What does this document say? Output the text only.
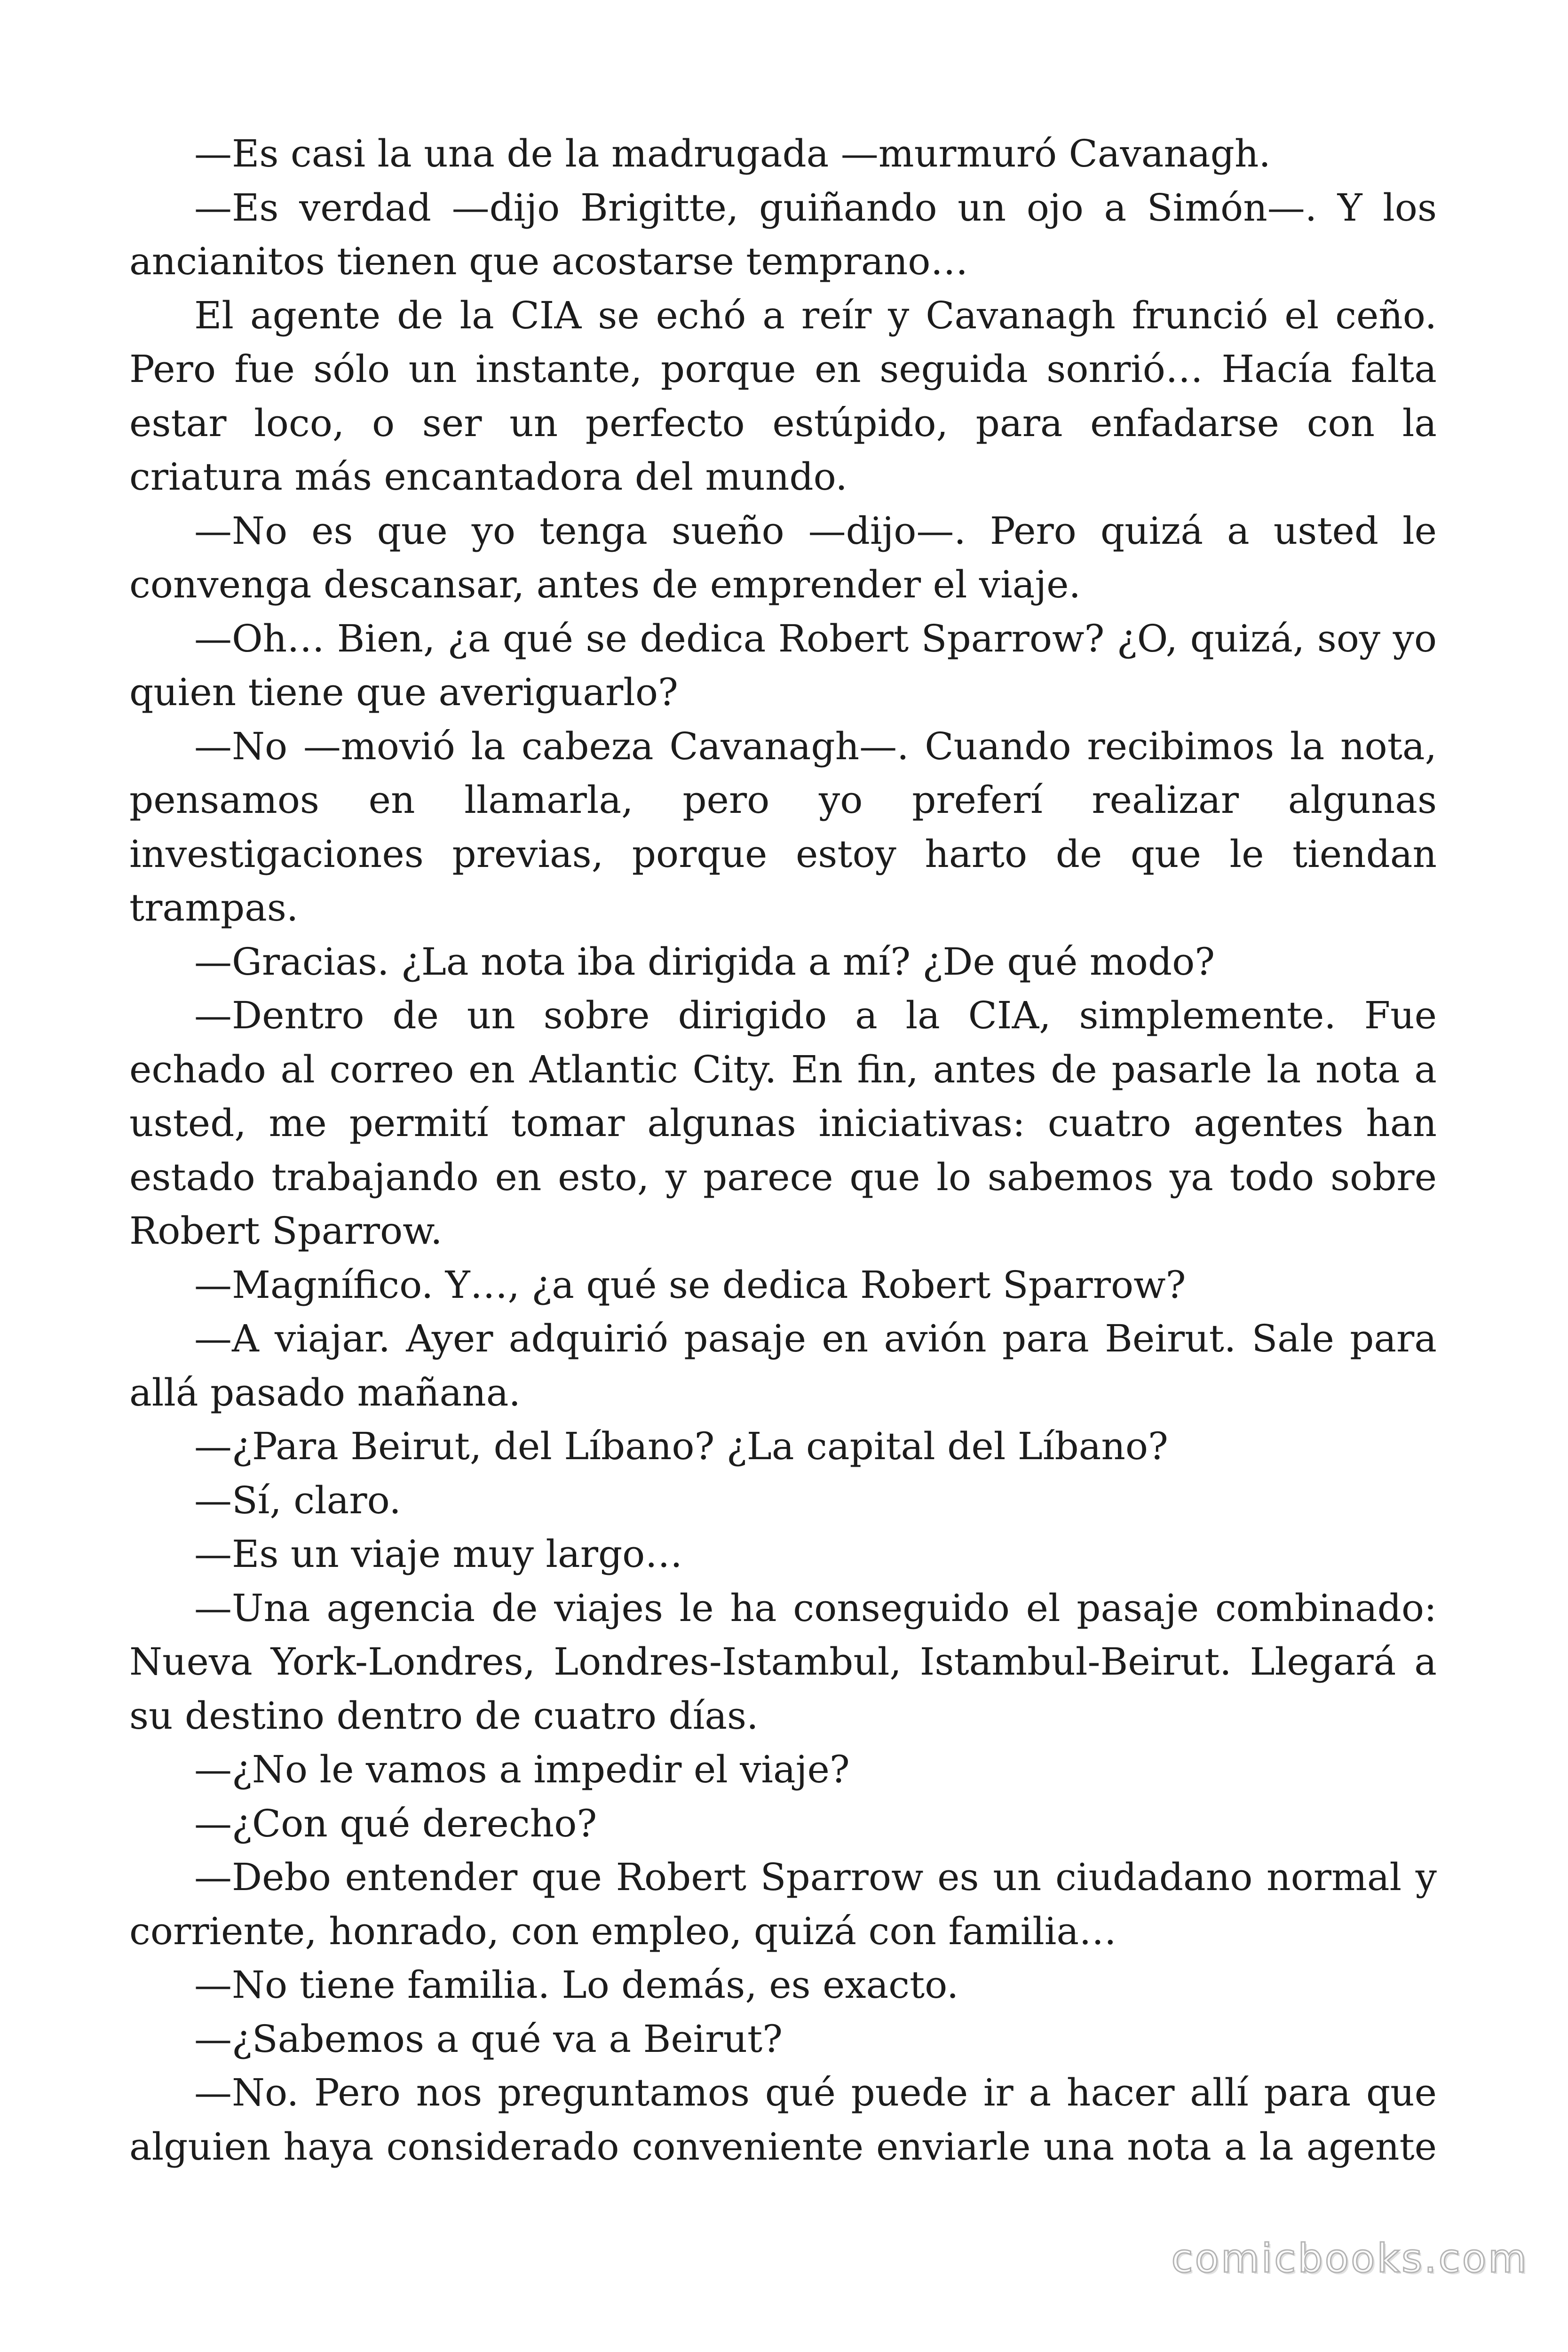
—Es casi la una de la madrugada —murmuró Cavanagh.

—Es verdad —dijo Brigitte, guiñando un ojo a Simón—. Y los ancianitos tienen que acostarse temprano…

El agente de la CIA se echó a reír y Cavanagh frunció el ceño. Pero fue sólo un instante, porque en seguida sonrió… Hacía falta estar loco, o ser un perfecto estúpido, para enfadarse con la criatura más encantadora del mundo.

—No es que yo tenga sueño —dijo—. Pero quizá a usted le convenga descansar, antes de emprender el viaje.

—Oh… Bien, ¿a qué se dedica Robert Sparrow? ¿O, quizá, soy yo quien tiene que averiguarlo?

—No —movió la cabeza Cavanagh—. Cuando recibimos la nota, pensamos en llamarla, pero yo preferí realizar algunas investigaciones previas, porque estoy harto de que le tiendan trampas.

—Gracias. ¿La nota iba dirigida a mí? ¿De qué modo?

—Dentro de un sobre dirigido a la CIA, simplemente. Fue echado al correo en Atlantic City. En fin, antes de pasarle la nota a usted, me permití tomar algunas iniciativas: cuatro agentes han estado trabajando en esto, y parece que lo sabemos ya todo sobre Robert Sparrow.

—Magnífico. Y…, ¿a qué se dedica Robert Sparrow?

—A viajar. Ayer adquirió pasaje en avión para Beirut. Sale para allá pasado mañana.

—¿Para Beirut, del Líbano? ¿La capital del Líbano?

—Sí, claro.

—Es un viaje muy largo…

—Una agencia de viajes le ha conseguido el pasaje combinado: Nueva York-Londres, Londres-Istambul, Istambul-Beirut. Llegará a su destino dentro de cuatro días.

—¿No le vamos a impedir el viaje?

—¿Con qué derecho?

—Debo entender que Robert Sparrow es un ciudadano normal y corriente, honrado, con empleo, quizá con familia…

—No tiene familia. Lo demás, es exacto.

—¿Sabemos a qué va a Beirut?

—No. Pero nos preguntamos qué puede ir a hacer allí para que alguien haya considerado conveniente enviarle una nota a la agente

comicbooks.com
